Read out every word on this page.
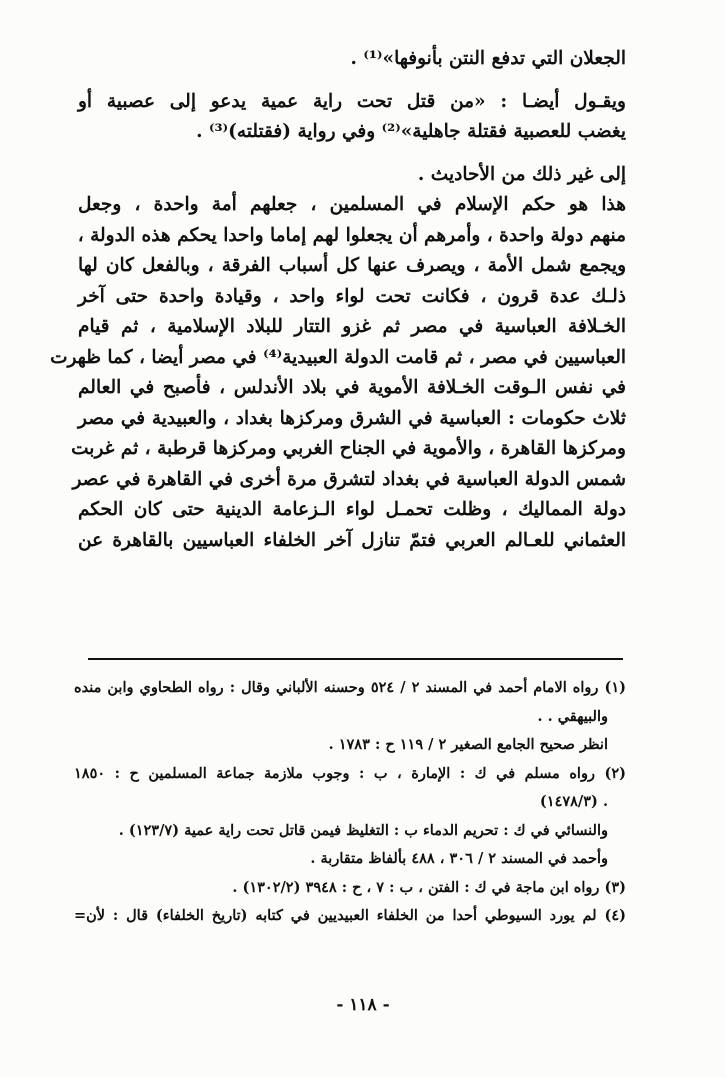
الجعلان التي تدفع النتن بأنوفها»⁽¹⁾ .
ويقـول أيضـا : «من قتل تحت راية عمية يدعو إلى عصبية أو
يغضب للعصبية فقتلة جاهلية»⁽²⁾ وفي رواية (فقتلته)⁽³⁾ .
إلى غير ذلك من الأحاديث .
هذا هو حكم الإسلام في المسلمين ، جعلهم أمة واحدة ، وجعل
منهم دولة واحدة ، وأمرهم أن يجعلوا لهم إماما واحدا يحكم هذه الدولة ،
ويجمع شمل الأمة ، ويصرف عنها كل أسباب الفرقة ، وبالفعل كان لها
ذلـك عدة قرون ، فكانت تحت لواء واحد ، وقيادة واحدة حتى آخر
الخـلافة العباسية في مصر ثم غزو التتار للبلاد الإسلامية ، ثم قيام
العباسيين في مصر ، ثم قامت الدولة العبيدية⁽⁴⁾ في مصر أيضا ، كما ظهرت
في نفس الـوقت الخـلافة الأموية في بلاد الأندلس ، فأصبح في العالم
ثلاث حكومات : العباسية في الشرق ومركزها بغداد ، والعبيدية في مصر
ومركزها القاهرة ، والأموية في الجناح الغربي ومركزها قرطبة ، ثم غربت
شمس الدولة العباسية في بغداد لتشرق مرة أخرى في القاهرة في عصر
دولة المماليك ، وظلت تحمـل لواء الـزعامة الدينية حتى كان الحكم
العثماني للعـالم العربي فتمّ تنازل آخر الخلفاء العباسيين بالقاهرة عن
(١) رواه الامام أحمد في المسند ٢ / ٥٢٤ وحسنه الألباني وقال : رواه الطحاوي وابن منده
والبيهقي . .
انظر صحيح الجامع الصغير ٢ / ١١٩ ح : ١٧٨٣ .
(٢) رواه مسلم في ك : الإمارة ، ب : وجوب ملازمة جماعة المسلمين ح : ١٨٥٠
. (١٤٧٨/٣)
والنسائي في ك : تحريم الدماء ب : التغليظ فيمن قاتل تحت راية عمية (١٢٣/٧) .
وأحمد في المسند ٢ / ٣٠٦ ، ٤٨٨ بألفاظ متقاربة .
(٣) رواه ابن ماجة في ك : الفتن ، ب : ٧ ، ح : ٣٩٤٨ (١٣٠٢/٢) .
(٤) لم يورد السيوطي أحدا من الخلفاء العبيديين في كتابه (تاريخ الخلفاء) قال : لأن=
- ١١٨ -
